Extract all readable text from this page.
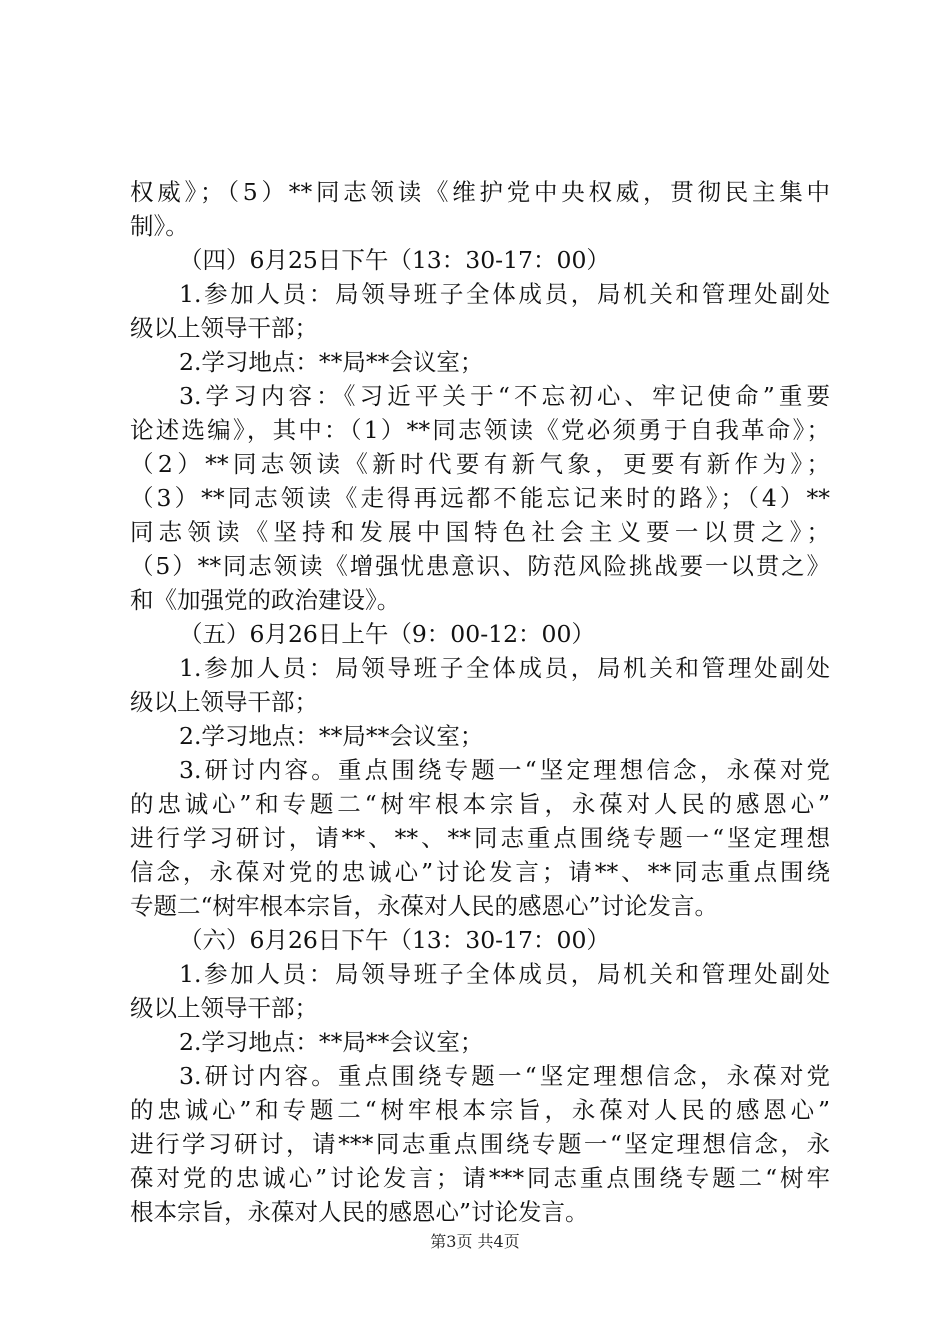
权威》；（5）**同志领读《维护党中央权威，贯彻民主集中

制》。

（四）6月25日下午（13：30-17：00）

1.参加人员：局领导班子全体成员，局机关和管理处副处

级以上领导干部；

2.学习地点：**局**会议室；

3.学习内容：《习近平关于“不忘初心、牢记使命”重要

论述选编》，其中：（1）**同志领读《党必须勇于自我革命》；

（2）**同志领读《新时代要有新气象，更要有新作为》；

（3）**同志领读《走得再远都不能忘记来时的路》；（4）**

同志领读《坚持和发展中国特色社会主义要一以贯之》；

（5）**同志领读《增强忧患意识、防范风险挑战要一以贯之》

和《加强党的政治建设》。

（五）6月26日上午（9：00-12：00）

1.参加人员：局领导班子全体成员，局机关和管理处副处

级以上领导干部；

2.学习地点：**局**会议室；

3.研讨内容。重点围绕专题一“坚定理想信念，永葆对党

的忠诚心”和专题二“树牢根本宗旨，永葆对人民的感恩心”

进行学习研讨，请**、**、**同志重点围绕专题一“坚定理想

信念，永葆对党的忠诚心”讨论发言；请**、**同志重点围绕

专题二“树牢根本宗旨，永葆对人民的感恩心”讨论发言。

（六）6月26日下午（13：30-17：00）

1.参加人员：局领导班子全体成员，局机关和管理处副处

级以上领导干部；

2.学习地点：**局**会议室；

3.研讨内容。重点围绕专题一“坚定理想信念，永葆对党

的忠诚心”和专题二“树牢根本宗旨，永葆对人民的感恩心”

进行学习研讨，请***同志重点围绕专题一“坚定理想信念，永

葆对党的忠诚心”讨论发言；请***同志重点围绕专题二“树牢

根本宗旨，永葆对人民的感恩心”讨论发言。

第3页 共4页
